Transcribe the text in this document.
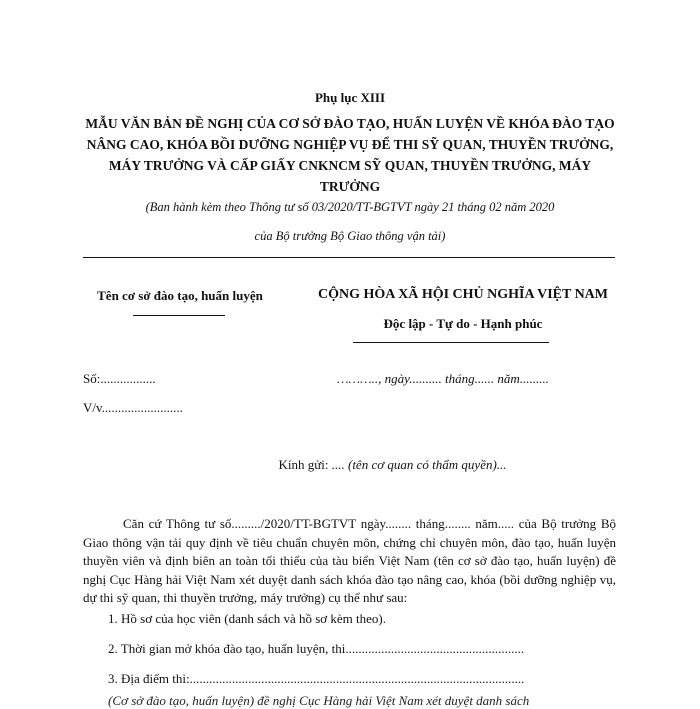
Phụ lục XIII
MẪU VĂN BẢN ĐỀ NGHỊ CỦA CƠ SỞ ĐÀO TẠO, HUẤN LUYỆN VỀ KHÓA ĐÀO TẠO NÂNG CAO, KHÓA BỒI DƯỠNG NGHIỆP VỤ ĐỂ THI SỸ QUAN, THUYỀN TRƯỞNG, MÁY TRƯỞNG VÀ CẤP GIẤY CNKNCM SỸ QUAN, THUYỀN TRƯỞNG, MÁY TRƯỞNG
(Ban hành kèm theo Thông tư số 03/2020/TT-BGTVT ngày 21 tháng 02 năm 2020
của Bộ trưởng Bộ Giao thông vận tải)
Tên cơ sở đào tạo, huấn luyện	CỘNG HÒA XÃ HỘI CHỦ NGHĨA VIỆT NAM
Độc lập - Tự do - Hạnh phúc
Số:.................	……….., ngày.......... tháng...... năm.........
V/v.........................
Kính gửi: .... (tên cơ quan có thẩm quyền)...
Căn cứ Thông tư số........./2020/TT-BGTVT ngày........ tháng........ năm..... của Bộ trưởng Bộ Giao thông vận tải quy định về tiêu chuẩn chuyên môn, chứng chỉ chuyên môn, đào tạo, huấn luyện thuyền viên và định biên an toàn tối thiểu của tàu biển Việt Nam (tên cơ sở đào tạo, huấn luyện) đề nghị Cục Hàng hải Việt Nam xét duyệt danh sách khóa đào tạo nâng cao, khóa (bồi dưỡng nghiệp vụ, dự thi sỹ quan, thi thuyền trưởng, máy trưởng) cụ thể như sau:
1. Hồ sơ của học viên (danh sách và hồ sơ kèm theo).
2. Thời gian mở khóa đào tạo, huấn luyện, thi.......................................................
3. Địa điểm thi:.......................................................................................................
(Cơ sở đào tạo, huấn luyện) đề nghị Cục Hàng hải Việt Nam xét duyệt danh sách
